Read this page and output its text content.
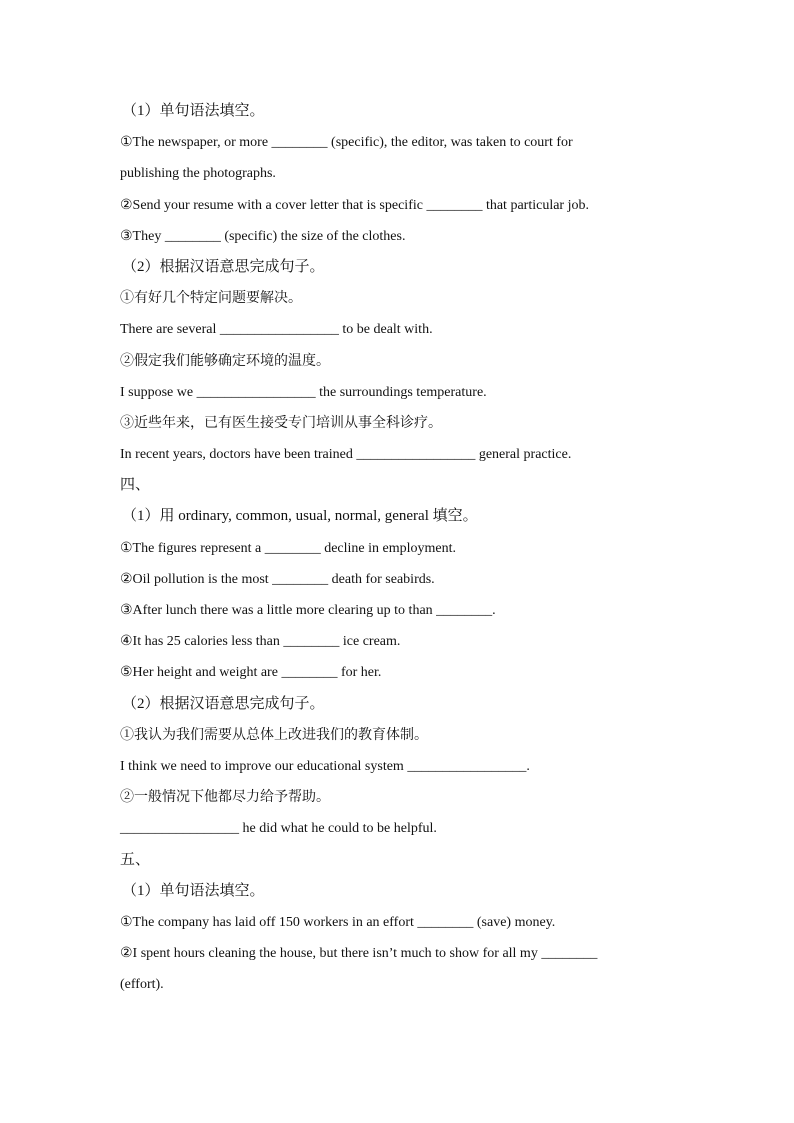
（1）单句语法填空。
①The newspaper, or more ________ (specific), the editor, was taken to court for
publishing the photographs.
②Send your resume with a cover letter that is specific ________ that particular job.
③They ________ (specific) the size of the clothes.
（2）根据汉语意思完成句子。
①有好几个特定问题要解决。
There are several _________________ to be dealt with.
②假定我们能够确定环境的温度。
I suppose we _________________ the surroundings temperature.
③近些年来，已有医生接受专门培训从事全科诊疗。
In recent years, doctors have been trained _________________ general practice.
四、
（1）用 ordinary, common, usual, normal, general 填空。
①The figures represent a ________ decline in employment.
②Oil pollution is the most ________ death for seabirds.
③After lunch there was a little more clearing up to than ________.
④It has 25 calories less than ________ ice cream.
⑤Her height and weight are ________ for her.
（2）根据汉语意思完成句子。
①我认为我们需要从总体上改进我们的教育体制。
I think we need to improve our educational system _________________.
②一般情况下他都尽力给予帮助。
_________________ he did what he could to be helpful.
五、
（1）单句语法填空。
①The company has laid off 150 workers in an effort ________ (save) money.
②I spent hours cleaning the house, but there isn’t much to show for all my ________
(effort).
